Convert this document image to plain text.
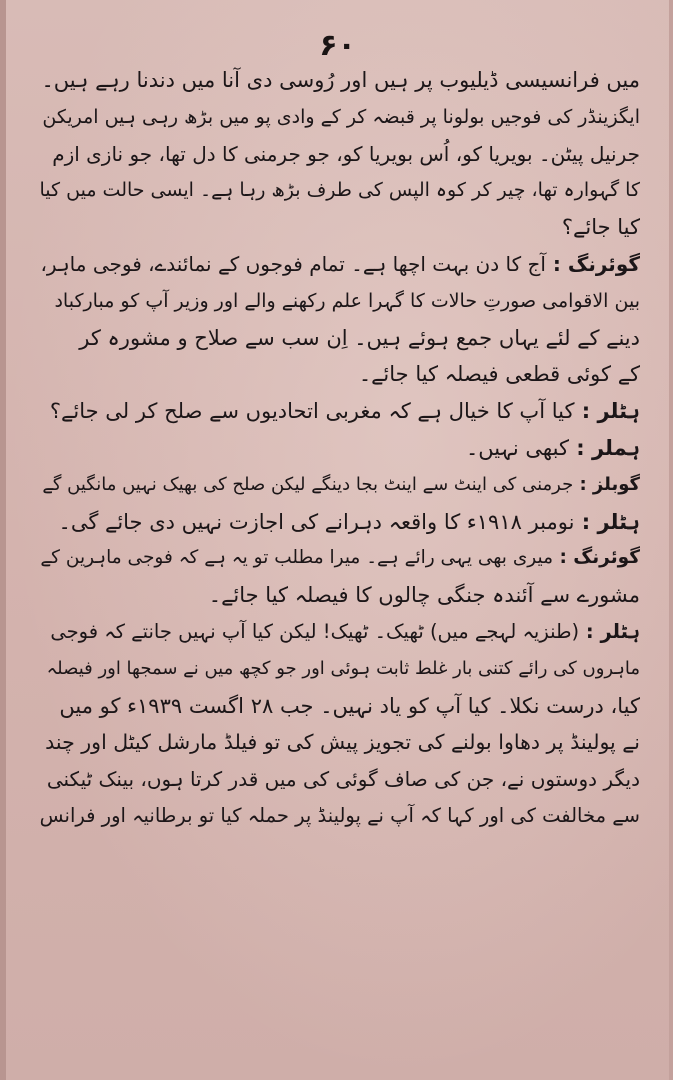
۶۰
میں فرانسیسی ڈیلیوب پر ہیں اور رُوسی دی آنا میں دندنا رہے ہیں۔
ایگزینڈر کی فوجیں بولونا پر قبضہ کر کے وادی پو میں بڑھ رہی ہیں امریکن
جرنیل پیٹن۔ بویریا کو، اُس بویریا کو، جو جرمنی کا دل تھا، جو نازی ازم
کا گہوارہ تھا، چیر کر کوہ الپس کی طرف بڑھ رہا ہے۔ ایسی حالت میں کیا
کیا جائے؟
گوئرنگ : آج کا دن بہت اچھا ہے۔ تمام فوجوں کے نمائندے، فوجی ماہر،
بین الاقوامی صورتِ حالات کا گہرا علم رکھنے والے اور وزیر آپ کو مبارکباد
دینے کے لئے یہاں جمع ہوئے ہیں۔ اِن سب سے صلاح و مشورہ کر
کے کوئی قطعی فیصلہ کیا جائے۔
ہٹلر : کیا آپ کا خیال ہے کہ مغربی اتحادیوں سے صلح کر لی جائے؟
ہملر : کبھی نہیں۔
گوبلز : جرمنی کی اینٹ سے اینٹ بجا دینگے لیکن صلح کی بھیک نہیں مانگیں گے
ہٹلر : نومبر ۱۹۱۸ء کا واقعہ دہرانے کی اجازت نہیں دی جائے گی۔
گوئرنگ : میری بھی یہی رائے ہے۔ میرا مطلب تو یہ ہے کہ فوجی ماہرین کے
مشورے سے آئندہ جنگی چالوں کا فیصلہ کیا جائے۔
ہٹلر : (طنزیہ لہجے میں) ٹھیک۔ ٹھیک! لیکن کیا آپ نہیں جانتے کہ فوجی
ماہروں کی رائے کتنی بار غلط ثابت ہوئی اور جو کچھ میں نے سمجھا اور فیصلہ
کیا، درست نکلا۔ کیا آپ کو یاد نہیں۔ جب ۲۸ اگست ۱۹۳۹ء کو میں
نے پولینڈ پر دھاوا بولنے کی تجویز پیش کی تو فیلڈ مارشل کیٹل اور چند
دیگر دوستوں نے، جن کی صاف گوئی کی میں قدر کرتا ہوں، بینک ٹیکنی
سے مخالفت کی اور کہا کہ آپ نے پولینڈ پر حملہ کیا تو برطانیہ اور فرانس
